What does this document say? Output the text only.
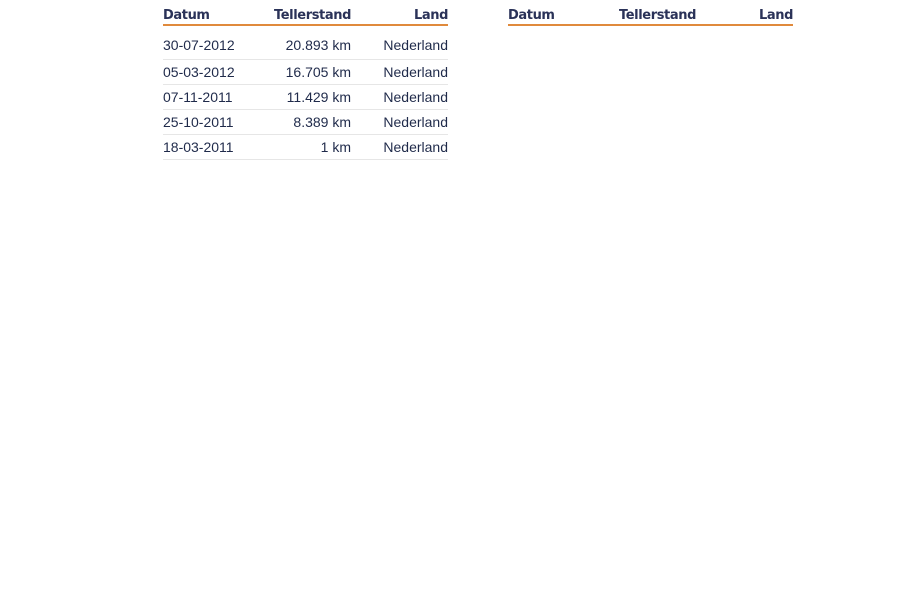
Datum	Tellerstand	Land
30-07-2012	20.893 km	Nederland
05-03-2012	16.705 km	Nederland
07-11-2011	11.429 km	Nederland
25-10-2011	8.389 km	Nederland
18-03-2011	1 km	Nederland
Datum	Tellerstand	Land
